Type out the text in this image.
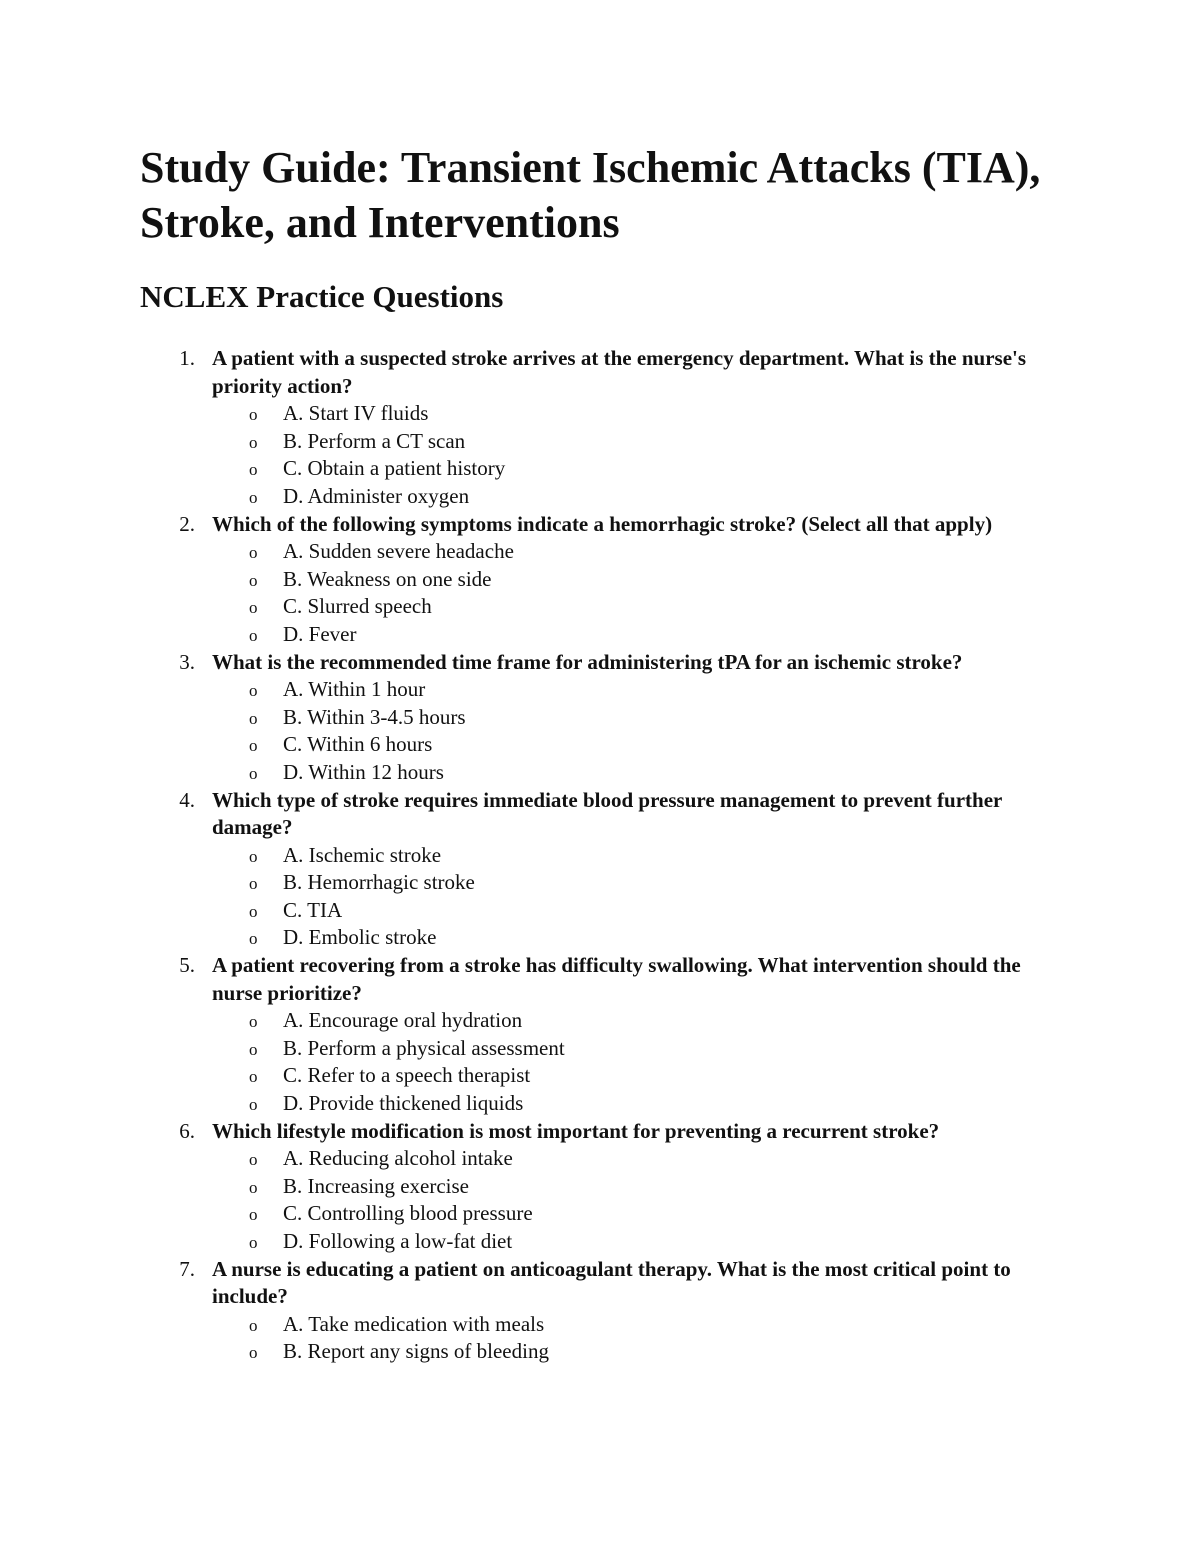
Study Guide: Transient Ischemic Attacks (TIA), Stroke, and Interventions
NCLEX Practice Questions
1. A patient with a suspected stroke arrives at the emergency department. What is the nurse's priority action?

o A. Start IV fluids
o B. Perform a CT scan
o C. Obtain a patient history
o D. Administer oxygen
2. Which of the following symptoms indicate a hemorrhagic stroke? (Select all that apply)

o A. Sudden severe headache
o B. Weakness on one side
o C. Slurred speech
o D. Fever
3. What is the recommended time frame for administering tPA for an ischemic stroke?

o A. Within 1 hour
o B. Within 3-4.5 hours
o C. Within 6 hours
o D. Within 12 hours
4. Which type of stroke requires immediate blood pressure management to prevent further damage?

o A. Ischemic stroke
o B. Hemorrhagic stroke
o C. TIA
o D. Embolic stroke
5. A patient recovering from a stroke has difficulty swallowing. What intervention should the nurse prioritize?

o A. Encourage oral hydration
o B. Perform a physical assessment
o C. Refer to a speech therapist
o D. Provide thickened liquids
6. Which lifestyle modification is most important for preventing a recurrent stroke?

o A. Reducing alcohol intake
o B. Increasing exercise
o C. Controlling blood pressure
o D. Following a low-fat diet
7. A nurse is educating a patient on anticoagulant therapy. What is the most critical point to include?

o A. Take medication with meals
o B. Report any signs of bleeding
